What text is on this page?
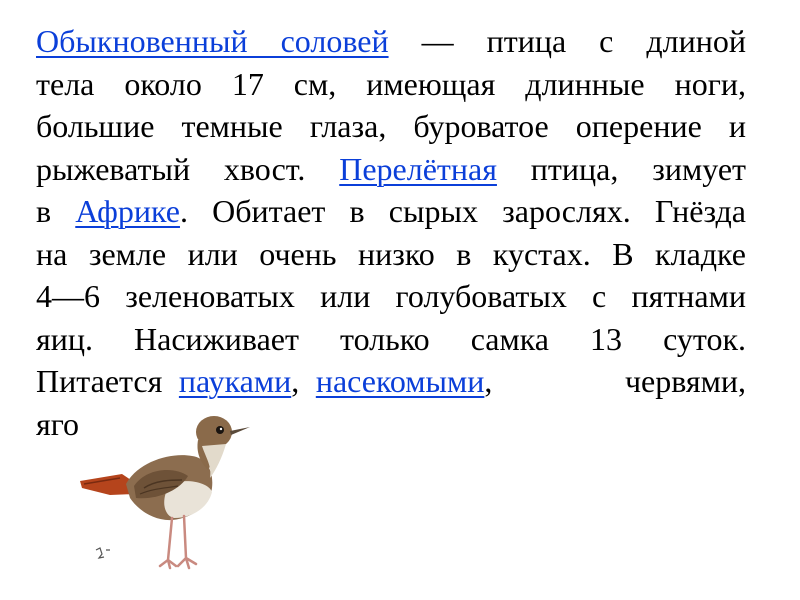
Обыкновенный соловей — птица с длиной
тела около 17 см, имеющая длинные ноги,
большие темные глаза, буроватое оперение и
рыжеватый хвост. Перелётная птица, зимует
в Африке. Обитает в сырых зарослях. Гнёзда
на земле или очень низко в кустах. В кладке
4—6 зеленоватых или голубоватых с пятнами
яиц. Насиживает только самка 13 суток.
Питается пауками, насекомыми,        червями,
яго
